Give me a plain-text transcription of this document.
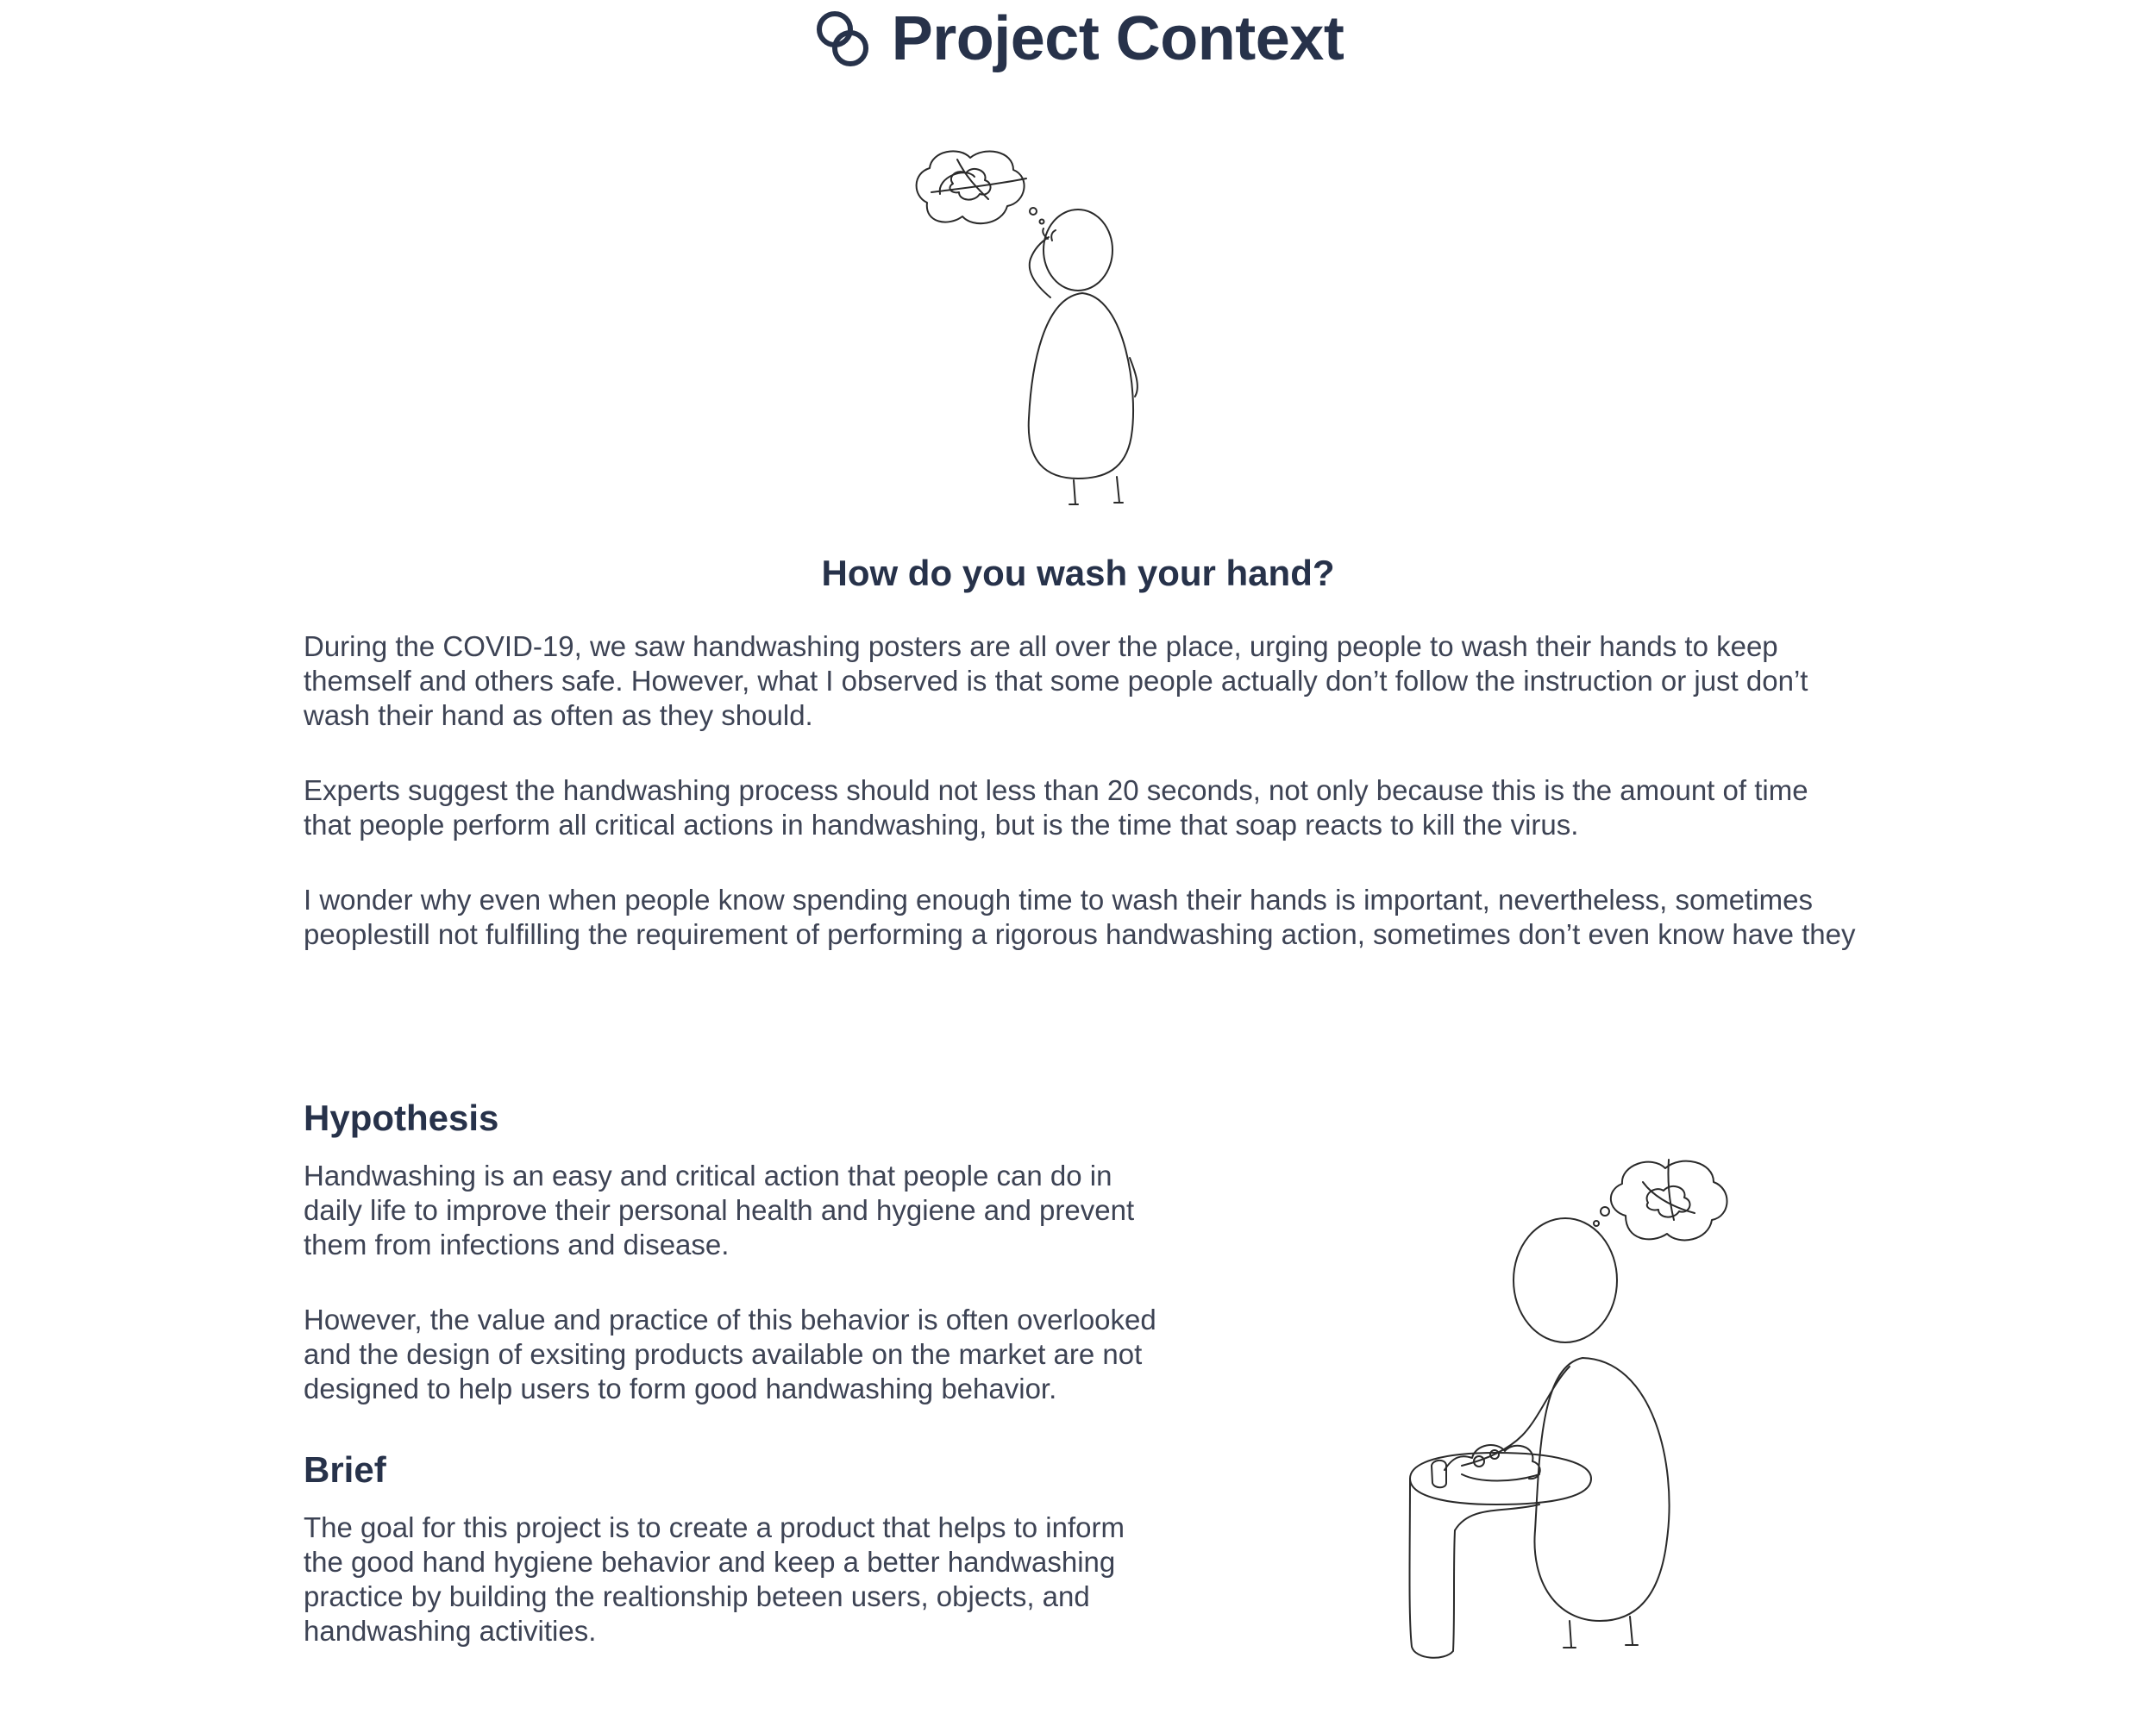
Project Context
How do you wash your hand?

During the COVID-19, we saw handwashing posters are all over the place, urging people to wash their hands to keep themself and others safe. However, what I observed is that some people actually don’t follow the instruction or just don’t wash their hand as often as they should.

Experts suggest the handwashing process should not less than 20 seconds, not only because this is the amount of time that people perform all critical actions in handwashing, but is the time that soap reacts to kill the virus.

I wonder why even when people know spending enough time to wash their hands is important, nevertheless, sometimes peoplestill not fulfilling the requirement of performing a rigorous handwashing action, sometimes don’t even know have they

Hypothesis

Handwashing is an easy and critical action that people can do in daily life to improve their personal health and hygiene and prevent them from infections and disease.

However, the value and practice of this behavior is often overlooked and the design of exsiting products available on the market are not designed to help users to form good handwashing behavior.

Brief

The goal for this project is to create a product that helps to inform the good hand hygiene behavior and keep a better handwashing practice by building the realtionship beteen users, objects, and handwashing activities.
